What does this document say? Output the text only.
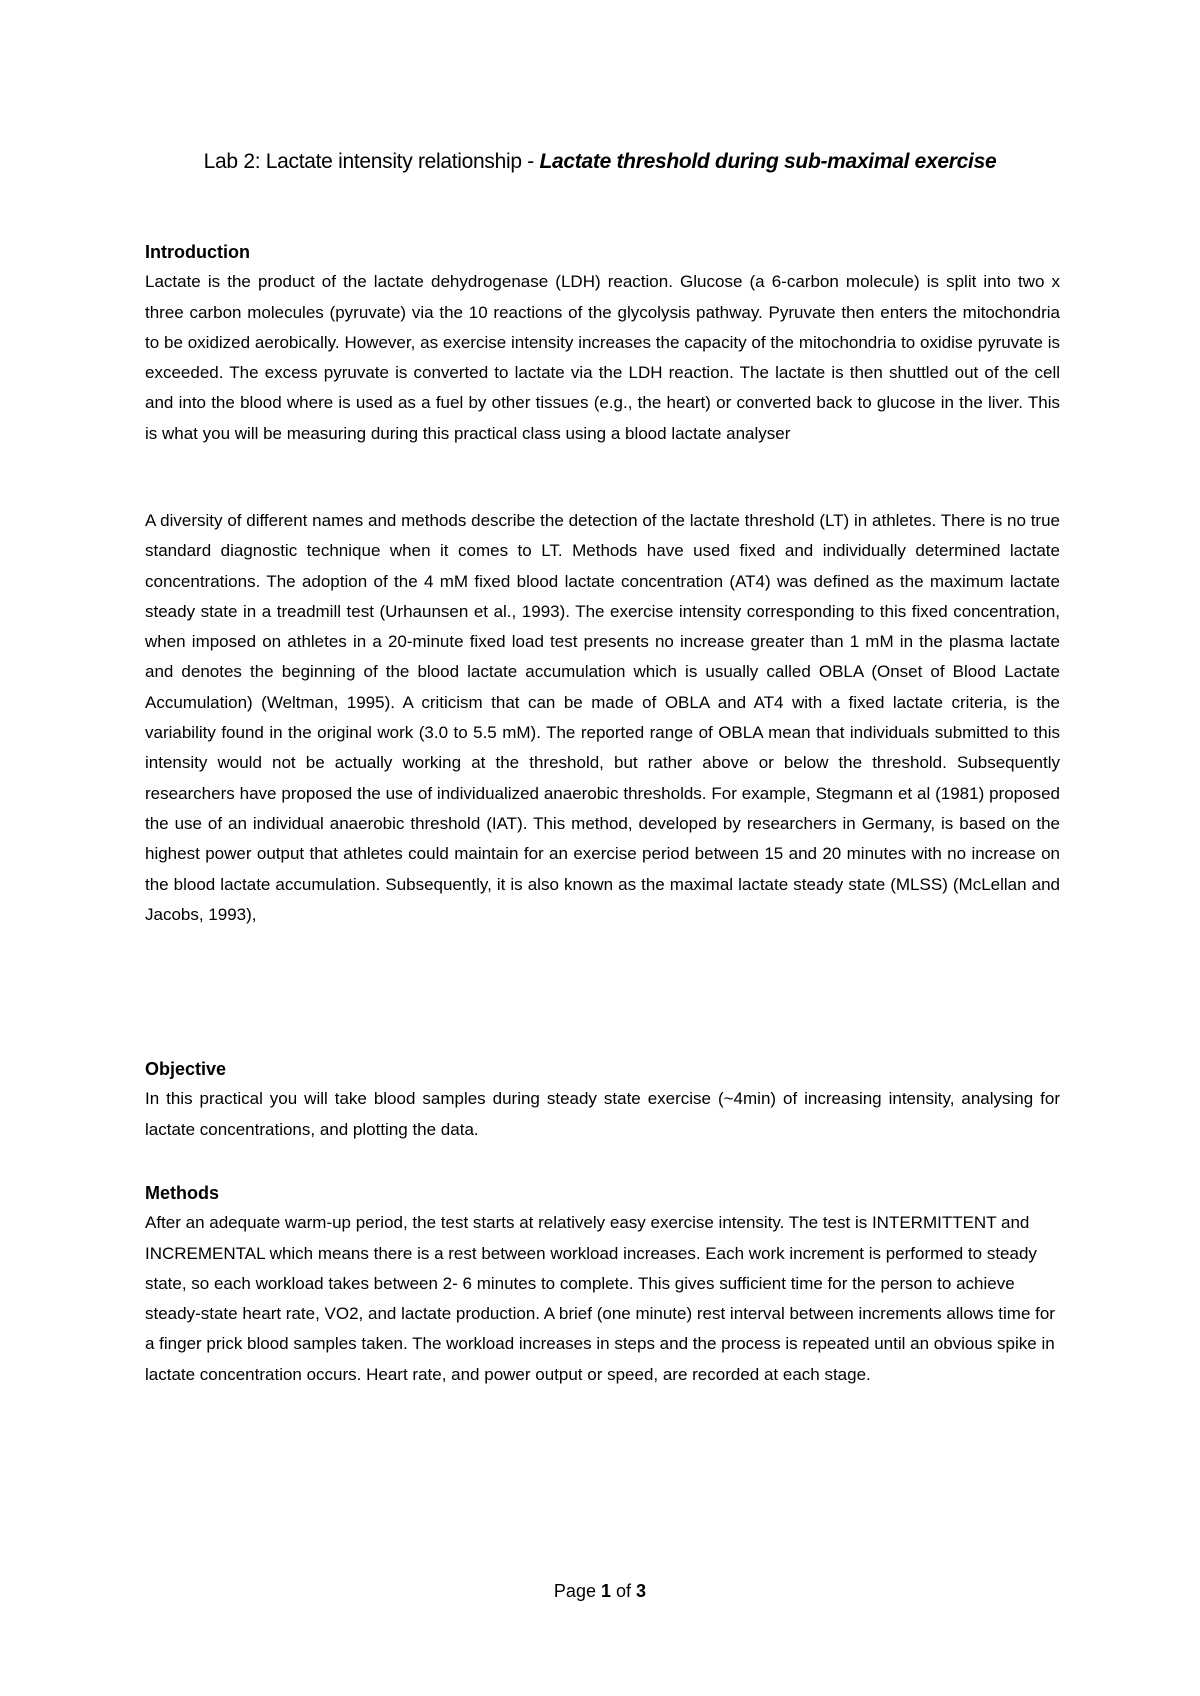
Lab 2: Lactate intensity relationship - Lactate threshold during sub-maximal exercise

Introduction

Lactate is the product of the lactate dehydrogenase (LDH) reaction. Glucose (a 6-carbon molecule) is split into two x three carbon molecules (pyruvate) via the 10 reactions of the glycolysis pathway. Pyruvate then enters the mitochondria to be oxidized aerobically. However, as exercise intensity increases the capacity of the mitochondria to oxidise pyruvate is exceeded. The excess pyruvate is converted to lactate via the LDH reaction. The lactate is then shuttled out of the cell and into the blood where is used as a fuel by other tissues (e.g., the heart) or converted back to glucose in the liver. This is what you will be measuring during this practical class using a blood lactate analyser

A diversity of different names and methods describe the detection of the lactate threshold (LT) in athletes. There is no true standard diagnostic technique when it comes to LT. Methods have used fixed and individually determined lactate concentrations. The adoption of the 4 mM fixed blood lactate concentration (AT4) was defined as the maximum lactate steady state in a treadmill test (Urhaunsen et al., 1993). The exercise intensity corresponding to this fixed concentration, when imposed on athletes in a 20-minute fixed load test presents no increase greater than 1 mM in the plasma lactate and denotes the beginning of the blood lactate accumulation which is usually called OBLA (Onset of Blood Lactate Accumulation) (Weltman, 1995). A criticism that can be made of OBLA and AT4 with a fixed lactate criteria, is the variability found in the original work (3.0 to 5.5 mM). The reported range of OBLA mean that individuals submitted to this intensity would not be actually working at the threshold, but rather above or below the threshold. Subsequently researchers have proposed the use of individualized anaerobic thresholds. For example, Stegmann et al (1981) proposed the use of an individual anaerobic threshold (IAT). This method, developed by researchers in Germany, is based on the highest power output that athletes could maintain for an exercise period between 15 and 20 minutes with no increase on the blood lactate accumulation. Subsequently, it is also known as the maximal lactate steady state (MLSS) (McLellan and Jacobs, 1993),

Objective

In this practical you will take blood samples during steady state exercise (~4min) of increasing intensity, analysing for lactate concentrations, and plotting the data.

Methods

After an adequate warm-up period, the test starts at relatively easy exercise intensity. The test is INTERMITTENT and INCREMENTAL which means there is a rest between workload increases. Each work increment is performed to steady state, so each workload takes between 2- 6 minutes to complete. This gives sufficient time for the person to achieve steady-state heart rate, VO2, and lactate production. A brief (one minute) rest interval between increments allows time for a finger prick blood samples taken. The workload increases in steps and the process is repeated until an obvious spike in lactate concentration occurs. Heart rate, and power output or speed, are recorded at each stage.

Page 1 of 3
